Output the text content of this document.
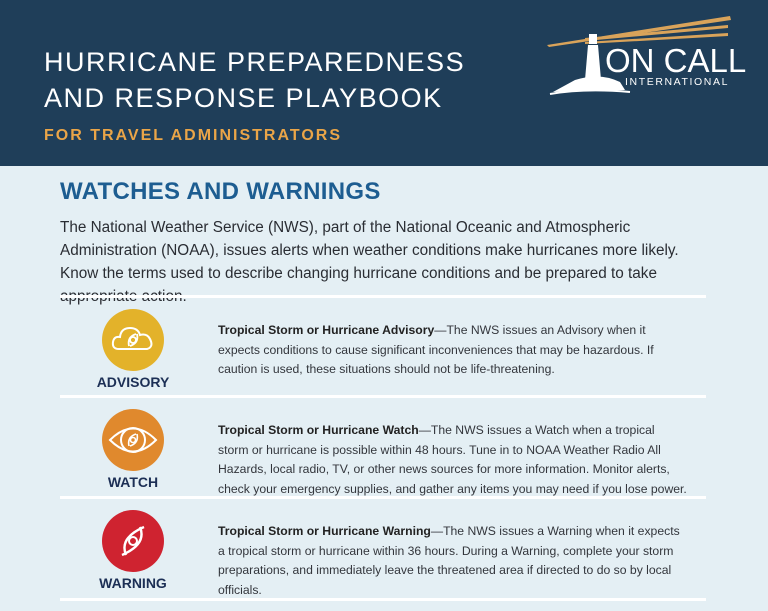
HURRICANE PREPAREDNESS
AND RESPONSE PLAYBOOK
FOR TRAVEL ADMINISTRATORS
ON CALL
INTERNATIONAL
WATCHES AND WARNINGS
The National Weather Service (NWS), part of the National Oceanic and Atmospheric Administration (NOAA), issues alerts when weather conditions make hurricanes more likely. Know the terms used to describe changing hurricane conditions and be prepared to take
ADVISORY
Tropical Storm or Hurricane Advisory—The NWS issues an Advisory when it expects conditions to cause significant inconveniences that may be hazardous. If caution is used, these situations should not be life-threatening.
WATCH
Tropical Storm or Hurricane Watch—The NWS issues a Watch when a tropical storm or hurricane is possible within 48 hours. Tune in to NOAA Weather Radio All Hazards, local radio, TV, or other news sources for more information. Monitor alerts, check your emergency supplies, and gather any items you may need if you lose power.
WARNING
Tropical Storm or Hurricane Warning—The NWS issues a Warning when it expects a tropical storm or hurricane within 36 hours. During a Warning, complete your storm preparations, and immediately leave the threatened area if directed to do so by local officials.
